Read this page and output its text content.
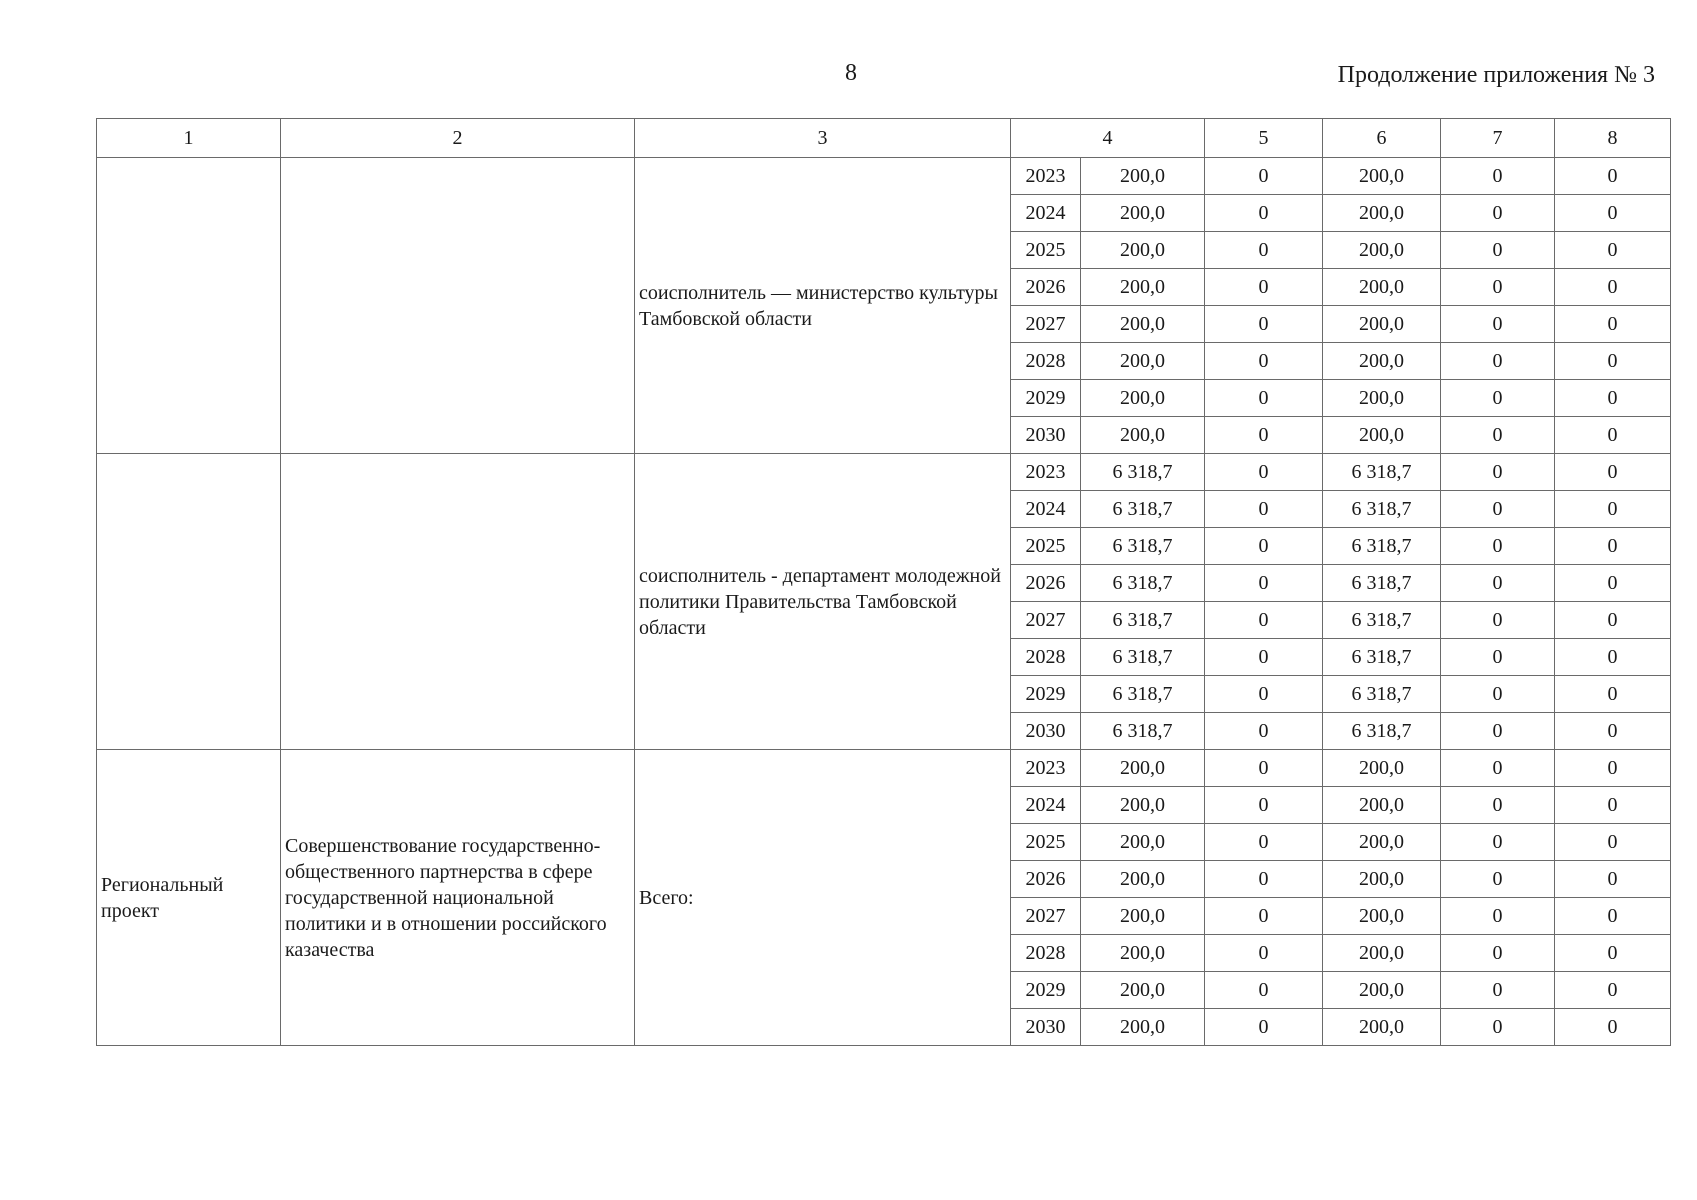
8	Продолжение приложения № 3
1	2	3	4		5	6	7	8
		соисполнитель — министерство культуры Тамбовской области	2023	200,0	0	200,0	0	0
			2024	200,0	0	200,0	0	0
			2025	200,0	0	200,0	0	0
			2026	200,0	0	200,0	0	0
			2027	200,0	0	200,0	0	0
			2028	200,0	0	200,0	0	0
			2029	200,0	0	200,0	0	0
			2030	200,0	0	200,0	0	0
		соисполнитель - департамент молодежной политики Правительства Тамбовской области	2023	6 318,7	0	6 318,7	0	0
			2024	6 318,7	0	6 318,7	0	0
			2025	6 318,7	0	6 318,7	0	0
			2026	6 318,7	0	6 318,7	0	0
			2027	6 318,7	0	6 318,7	0	0
			2028	6 318,7	0	6 318,7	0	0
			2029	6 318,7	0	6 318,7	0	0
			2030	6 318,7	0	6 318,7	0	0
Региональный проект	Совершенствование государственно-общественного партнерства в сфере государственной национальной политики и в отношении российского казачества	Всего:	2023	200,0	0	200,0	0	0
			2024	200,0	0	200,0	0	0
			2025	200,0	0	200,0	0	0
			2026	200,0	0	200,0	0	0
			2027	200,0	0	200,0	0	0
			2028	200,0	0	200,0	0	0
			2029	200,0	0	200,0	0	0
			2030	200,0	0	200,0	0	0
